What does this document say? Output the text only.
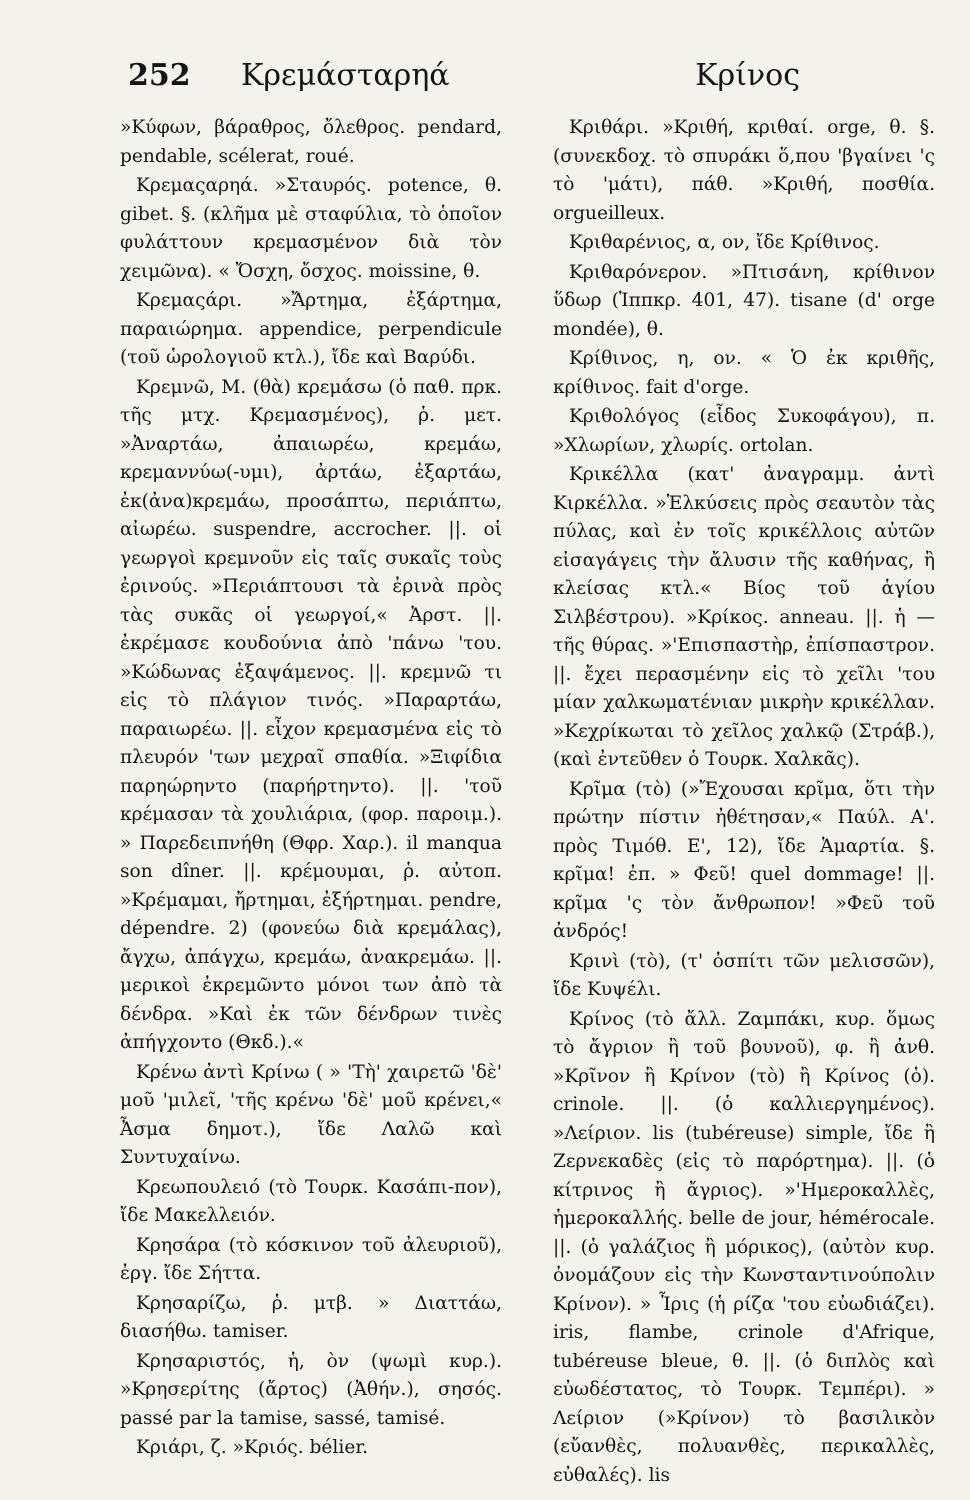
252 Κρεμάσταρηά	Κρίνος

»Κύφων, βάραθρος, ὄλεθρος. pendard, pendable, scélerat, roué.

Κρεμαςαρηά. »Σταυρός. potence, θ. gibet. §. (κλῆμα μὲ σταφύλια, τὸ ὁποῖον φυλάττουν κρεμασμένον διὰ τὸν χειμῶνα). « Ὄσχη, ὄσχος. moissine, θ.

Κρεμαςάρι. »Ἄρτημα, ἐξάρτημα, παραιώρημα. appendice, perpendicule (τοῦ ὡρολογιοῦ κτλ.), ἴδε καὶ Βαρύδι.

Κρεμνῶ, Μ. (θὰ) κρεμάσω (ὁ παθ. πρκ. τῆς μτχ. Κρεμασμένος), ῥ. μετ. »Ἀναρτάω, ἀπαιωρέω, κρεμάω, κρεμαννύω(-υμι), ἀρτάω, ἐξαρτάω, ἐκ(ἀνα)κρεμάω, προσάπτω, περιάπτω, αἰωρέω. suspendre, accrocher. ||. οἱ γεωργοὶ κρεμνοῦν εἰς ταῖς συκαῖς τοὺς ἐρινούς. »Περιάπτουσι τὰ ἐρινὰ πρὸς τὰς συκᾶς οἱ γεωργοί,« Ἀρστ. ||. ἐκρέμασε κουδούνια ἀπὸ 'πάνω 'του. »Κώδωνας ἐξαψάμενος. ||. κρεμνῶ τι εἰς τὸ πλάγιον τινός. »Παραρτάω, παραιωρέω. ||. εἶχον κρεμασμένα εἰς τὸ πλευρόν 'των μεχραῖ σπαθία. »Ξιφίδια παρηώρηντο (παρήρτηντο). ||. 'τοῦ κρέμασαν τὰ χουλιάρια, (φορ. παροιμ.). » Παρεδειπνήθη (Θφρ. Χαρ.). il manqua son dîner. ||. κρέμουμαι, ῥ. αὐτοπ. »Κρέμαμαι, ἤρτημαι, ἐξήρτημαι. pendre, dépendre. 2) (φονεύω διὰ κρεμάλας), ἄγχω, ἀπάγχω, κρεμάω, ἀνακρεμάω. ||. μερικοὶ ἐκρεμῶντο μόνοι των ἀπὸ τὰ δένδρα. »Καὶ ἐκ τῶν δένδρων τινὲς ἀπήγχοντο (Θκδ.).«

Κρένω ἀντὶ Κρίνω ( » 'Τὴ' χαιρετῶ 'δὲ' μοῦ 'μιλεῖ, 'τῆς κρένω 'δὲ' μοῦ κρένει,« Ἆσμα δημοτ.), ἴδε Λαλῶ καὶ Συντυχαίνω.

Κρεωπουλειό (τὸ Τουρκ. Κασάπι-πον), ἴδε Μακελλειόν.

Κρησάρα (τὸ κόσκινον τοῦ ἀλευριοῦ), ἐργ. ἴδε Σήττα.

Κρησαρίζω, ῥ. μτβ. » Διαττάω, διασήθω. tamiser.

Κρησαριστός, ἡ, ὸν (ψωμὶ κυρ.). »Κρησερίτης (ἄρτος) (Ἀθήν.), σησός. passé par la tamise, sassé, tamisé.

Κριάρι, ζ. »Κριός. bélier.

Κριθάρι. »Κριθή, κριθαί. orge, θ. §. (συνεκδοχ. τὸ σπυράκι ὅ,που 'βγαίνει 'ς τὸ 'μάτι), πάθ. »Κριθή, ποσθία. orgueilleux.

Κριθαρένιος, α, ον, ἴδε Κρίθινος.

Κριθαρόνερον. »Πτισάνη, κρίθινον ὕδωρ (Ἱππκρ. 401, 47). tisane (d' orge mondée), θ.

Κρίθινος, η, ον. « Ὁ ἐκ κριθῆς, κρίθινος. fait d'orge.

Κριθολόγος (εἶδος Συκοφάγου), π. »Χλωρίων, χλωρίς. ortolan.

Κρικέλλα (κατ' ἀναγραμμ. ἀντὶ Κιρκέλλα. »Ἑλκύσεις πρὸς σεαυτὸν τὰς πύλας, καὶ ἐν τοῖς κρικέλλοις αὐτῶν εἰσαγάγεις τὴν ἄλυσιν τῆς καθήνας, ἢ κλείσας κτλ.« Βίος τοῦ ἁγίου Σιλβέστρου). »Κρίκος. anneau. ||. ἡ — τῆς θύρας. »'Επισπαστὴρ, ἐπίσπαστρον. ||. ἔχει περασμένην εἰς τὸ χεῖλι 'του μίαν χαλκωματένιαν μικρὴν κρικέλλαν. »Κεχρίκωται τὸ χεῖλος χαλκῷ (Στράβ.), (καὶ ἐντεῦθεν ὁ Τουρκ. Χαλκᾶς).

Κρῖμα (τὸ) (»Ἔχουσαι κρῖμα, ὅτι τὴν πρώτην πίστιν ἠθέτησαν,« Παύλ. Α'. πρὸς Τιμόθ. Ε', 12), ἴδε Ἁμαρτία. §. κρῖμα! ἐπ. » Φεῦ! quel dommage! ||. κρῖμα 'ς τὸν ἄνθρωπον! »Φεῦ τοῦ ἀνδρός!

Κρινὶ (τὸ), (τ' ὀσπίτι τῶν μελισσῶν), ἴδε Κυψέλι.

Κρίνος (τὸ ἄλλ. Ζαμπάκι, κυρ. ὅμως τὸ ἄγριον ἢ τοῦ βουνοῦ), φ. ἢ ἀνθ. »Κρῖνον ἢ Κρίνον (τὸ) ἢ Κρίνος (ὁ). crinole. ||. (ὁ καλλιεργημένος). »Λείριον. lis (tubéreuse) simple, ἴδε ἢ Ζερνεκαδὲς (εἰς τὸ παρόρτημα). ||. (ὁ κίτρινος ἢ ἄγριος). »'Ημεροκαλλὲς, ἡμεροκαλλής. belle de jour, hémérocale. ||. (ὁ γαλάζιος ἢ μόρικος), (αὐτὸν κυρ. ὀνομάζουν εἰς τὴν Κωνσταντινούπολιν Κρίνον). » Ἶρις (ἡ ρίζα 'του εὐωδιάζει). iris, flambe, crinole d'Afrique, tubéreuse bleue, θ. ||. (ὁ διπλὸς καὶ εὐωδέστατος, τὸ Τουρκ. Τεμπέρι). » Λείριον (»Κρίνον) τὸ βασιλικὸν (εὔανθὲς, πολυανθὲς, περικαλλὲς, εὐθαλές). lis
